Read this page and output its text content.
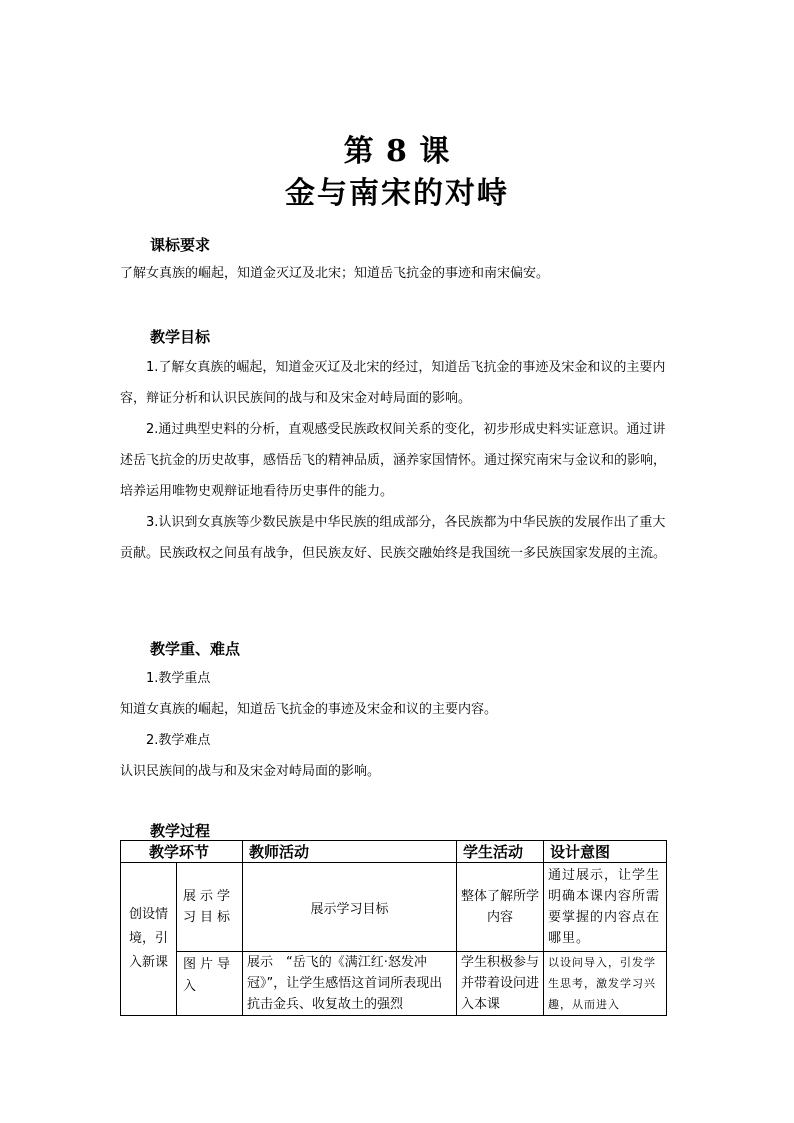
第 8 课
金与南宋的对峙
课标要求
了解女真族的崛起，知道金灭辽及北宋；知道岳飞抗金的事迹和南宋偏安。
教学目标
1.了解女真族的崛起，知道金灭辽及北宋的经过，知道岳飞抗金的事迹及宋金和议的主要内容，辩证分析和认识民族间的战与和及宋金对峙局面的影响。
2.通过典型史料的分析，直观感受民族政权间关系的变化，初步形成史料实证意识。通过讲述岳飞抗金的历史故事，感悟岳飞的精神品质，涵养家国情怀。通过探究南宋与金议和的影响，培养运用唯物史观辩证地看待历史事件的能力。
3.认识到女真族等少数民族是中华民族的组成部分，各民族都为中华民族的发展作出了重大贡献。民族政权之间虽有战争，但民族友好、民族交融始终是我国统一多民族国家发展的主流。
教学重、难点
1.教学重点
知道女真族的崛起，知道岳飞抗金的事迹及宋金和议的主要内容。
2.教学难点
认识民族间的战与和及宋金对峙局面的影响。
教学过程
教学环节		教师活动	学生活动	设计意图
创设情境，引入新课	展示学习目标	展示学习目标	整体了解所学内容	通过展示，让学生明确本课内容所需要掌握的内容点在哪里。
	图片导入	展示　“岳飞的《满江红·怒发冲冠》”，让学生感悟这首词所表现出抗击金兵、收复故土的强烈	学生积极参与并带着设问进入本课	以设问导入，引发学生思考，激发学习兴趣，从而进入
